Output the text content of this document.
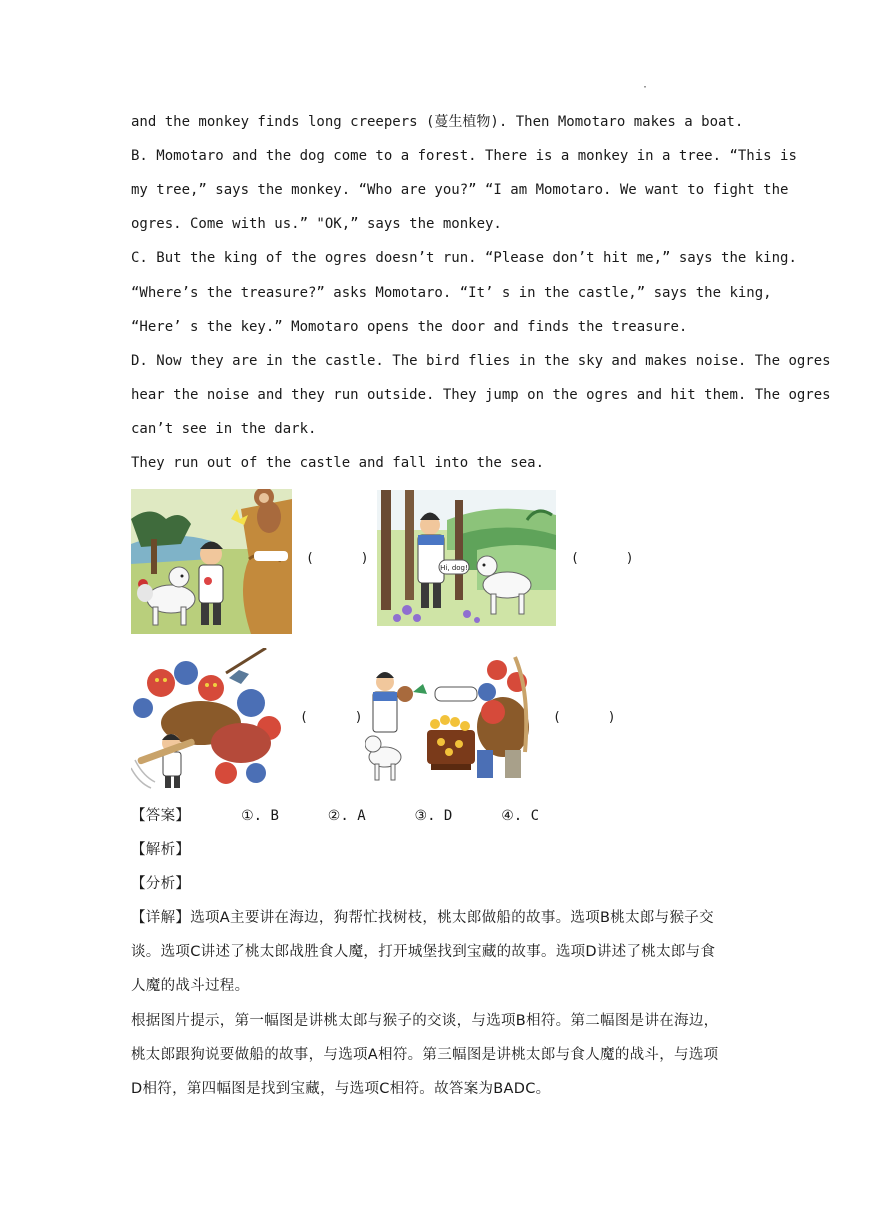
·
and the monkey finds long creepers (蔓生植物). Then Momotaro makes a boat.
B. Momotaro and the dog come to a forest. There is a monkey in a tree. “This is
my tree,” says the monkey. “Who are you?” “I am Momotaro. We want to fight the
ogres. Come with us.” "OK,” says the monkey.
C. But the king of the ogres doesn’t run. “Please don’t hit me,” says the king.
“Where’s the treasure?” asks Momotaro. “It’ s in the castle,” says the king,
“Here’ s the key.” Momotaro opens the door and finds the treasure.
D. Now they are in the castle. The bird flies in the sky and makes noise. The ogres
hear the noise and they run outside. They jump on the ogres and hit them. The ogres
can’t see in the dark.
They run out of the castle and fall into the sea.
(      )
Hi, dog!
(      )
(      )	(      )
【答案】	①. B	②. A	③. D	④. C
【解析】
【分析】
【详解】选项A主要讲在海边，狗帮忙找树枝，桃太郎做船的故事。选项B桃太郎与猴子交
谈。选项C讲述了桃太郎战胜食人魔，打开城堡找到宝藏的故事。选项D讲述了桃太郎与食
人魔的战斗过程。
根据图片提示，第一幅图是讲桃太郎与猴子的交谈，与选项B相符。第二幅图是讲在海边，
桃太郎跟狗说要做船的故事，与选项A相符。第三幅图是讲桃太郎与食人魔的战斗，与选项
D相符，第四幅图是找到宝藏，与选项C相符。故答案为BADC。
